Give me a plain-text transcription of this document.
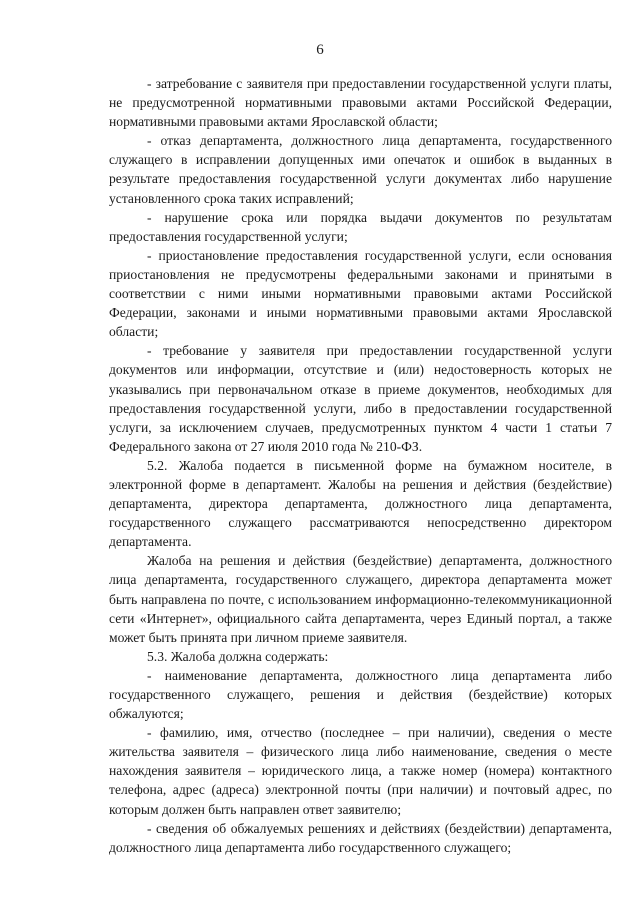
6

- затребование с заявителя при предоставлении государственной услуги платы, не предусмотренной нормативными правовыми актами Российской Федерации, нормативными правовыми актами Ярославской области;

- отказ департамента, должностного лица департамента, государственного служащего в исправлении допущенных ими опечаток и ошибок в выданных в результате предоставления государственной услуги документах либо нарушение установленного срока таких исправлений;

- нарушение срока или порядка выдачи документов по результатам предоставления государственной услуги;

- приостановление предоставления государственной услуги, если основания приостановления не предусмотрены федеральными законами и принятыми в соответствии с ними иными нормативными правовыми актами Российской Федерации, законами и иными нормативными правовыми актами Ярославской области;

- требование у заявителя при предоставлении государственной услуги документов или информации, отсутствие и (или) недостоверность которых не указывались при первоначальном отказе в приеме документов, необходимых для предоставления государственной услуги, либо в предоставлении государственной услуги, за исключением случаев, предусмотренных пунктом 4 части 1 статьи 7 Федерального закона от 27 июля 2010 года № 210-ФЗ.

5.2. Жалоба подается в письменной форме на бумажном носителе, в электронной форме в департамент. Жалобы на решения и действия (бездействие) департамента, директора департамента, должностного лица департамента, государственного служащего рассматриваются непосредственно директором департамента.

Жалоба на решения и действия (бездействие) департамента, должностного лица департамента, государственного служащего, директора департамента может быть направлена по почте, с использованием информационно-телекоммуникационной сети «Интернет», официального сайта департамента, через Единый портал, а также может быть принята при личном приеме заявителя.

5.3. Жалоба должна содержать:

- наименование департамента, должностного лица департамента либо государственного служащего, решения и действия (бездействие) которых обжалуются;

- фамилию, имя, отчество (последнее – при наличии), сведения о месте жительства заявителя – физического лица либо наименование, сведения о месте нахождения заявителя – юридического лица, а также номер (номера) контактного телефона, адрес (адреса) электронной почты (при наличии) и почтовый адрес, по которым должен быть направлен ответ заявителю;

- сведения об обжалуемых решениях и действиях (бездействии) департамента, должностного лица департамента либо государственного служащего;
